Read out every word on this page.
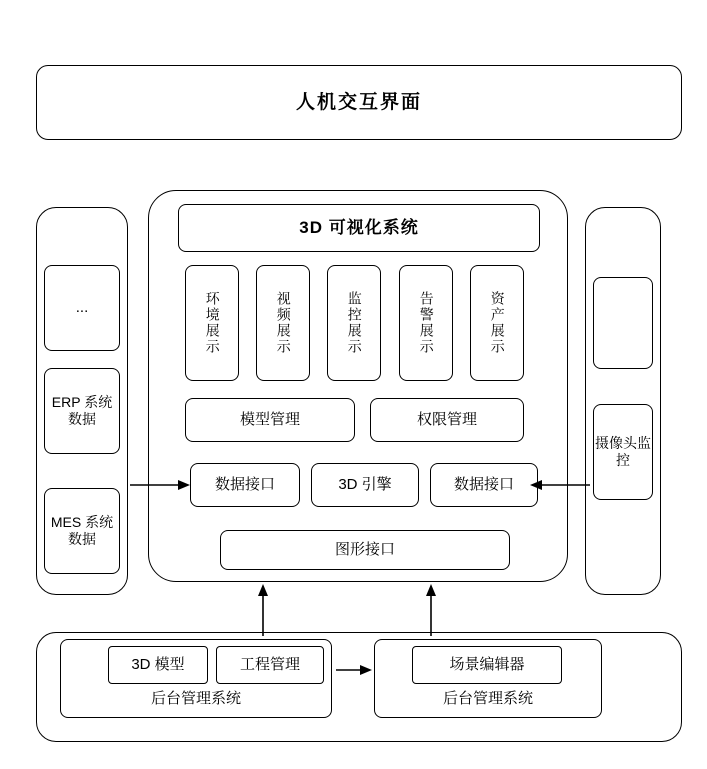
人机交互界面
...
ERP 系统数据
MES 系统数据
摄像头监控
3D 可视化系统
环境展示	视频展示	监控展示	告警展示	资产展示
模型管理	权限管理
数据接口	3D 引擎	数据接口
图形接口
后台管理系统
3D 模型	工程管理
后台管理系统
场景编辑器
